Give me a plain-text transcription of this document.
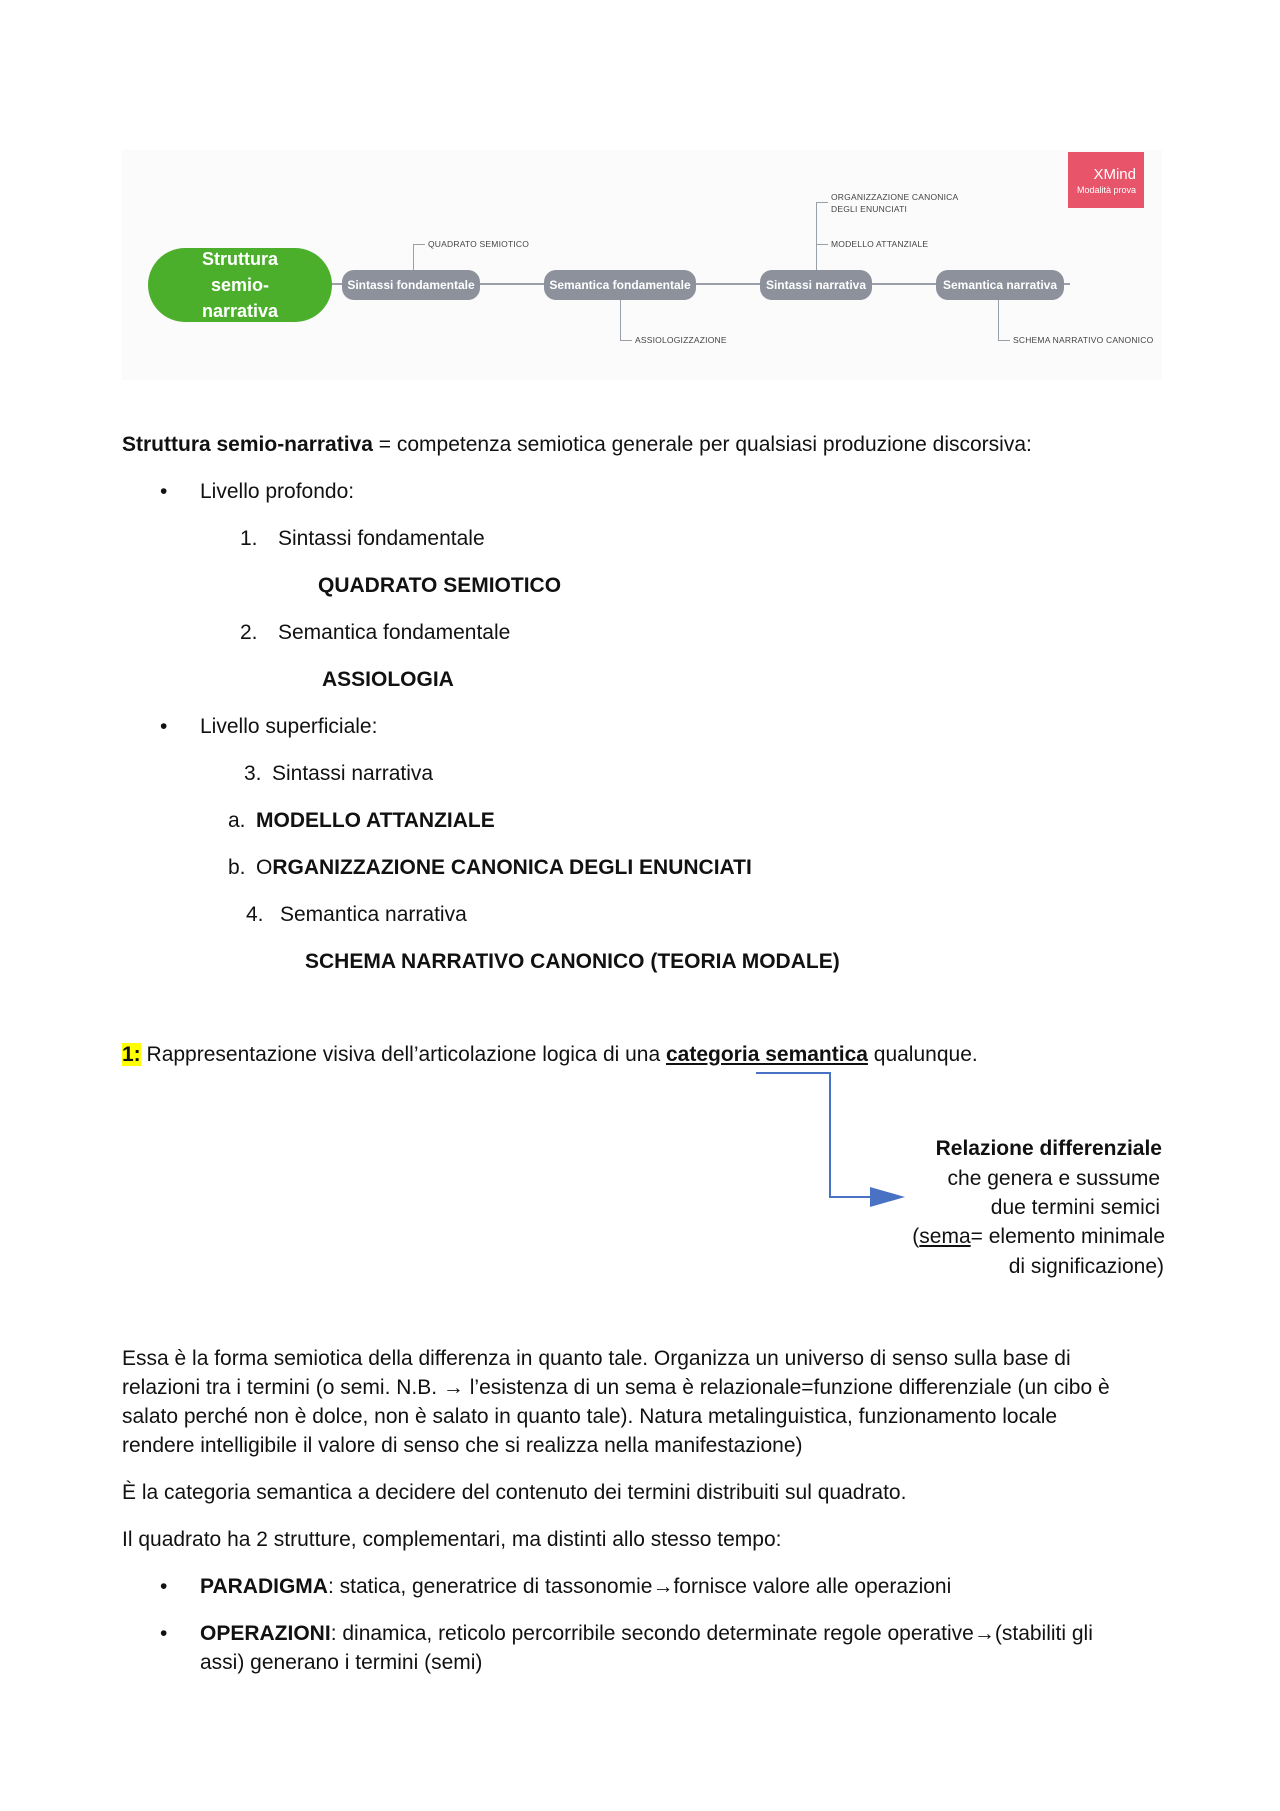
Struttura semio-narrativa
Sintassi fondamentale	Semantica fondamentale	Sintassi narrativa	Semantica narrativa
QUADRATO SEMIOTICO
ASSIOLOGIZZAZIONE
ORGANIZZAZIONE CANONICA DEGLI ENUNCIATI
MODELLO ATTANZIALE
SCHEMA NARRATIVO CANONICO
XMind
Modalità prova
Struttura semio-narrativa = competenza semiotica generale per qualsiasi produzione discorsiva:
• Livello profondo:
1. Sintassi fondamentale
QUADRATO SEMIOTICO
2. Semantica fondamentale
ASSIOLOGIA
• Livello superficiale:
3. Sintassi narrativa
a. MODELLO ATTANZIALE
b. ORGANIZZAZIONE CANONICA DEGLI ENUNCIATI
4. Semantica narrativa
SCHEMA NARRATIVO CANONICO (TEORIA MODALE)
1: Rappresentazione visiva dell’articolazione logica di una categoria semantica qualunque.
Relazione differenziale
che genera e sussume
due termini semici
(sema= elemento minimale
di significazione)
Essa è la forma semiotica della differenza in quanto tale. Organizza un universo di senso sulla base di
relazioni tra i termini (o semi. N.B. → l’esistenza di un sema è relazionale=funzione differenziale (un cibo è
salato perché non è dolce, non è salato in quanto tale). Natura metalinguistica, funzionamento locale
rendere intelligibile il valore di senso che si realizza nella manifestazione)
È la categoria semantica a decidere del contenuto dei termini distribuiti sul quadrato.
Il quadrato ha 2 strutture, complementari, ma distinti allo stesso tempo:
• PARADIGMA: statica, generatrice di tassonomie→fornisce valore alle operazioni
• OPERAZIONI: dinamica, reticolo percorribile secondo determinate regole operative→(stabiliti gli
assi) generano i termini (semi)
